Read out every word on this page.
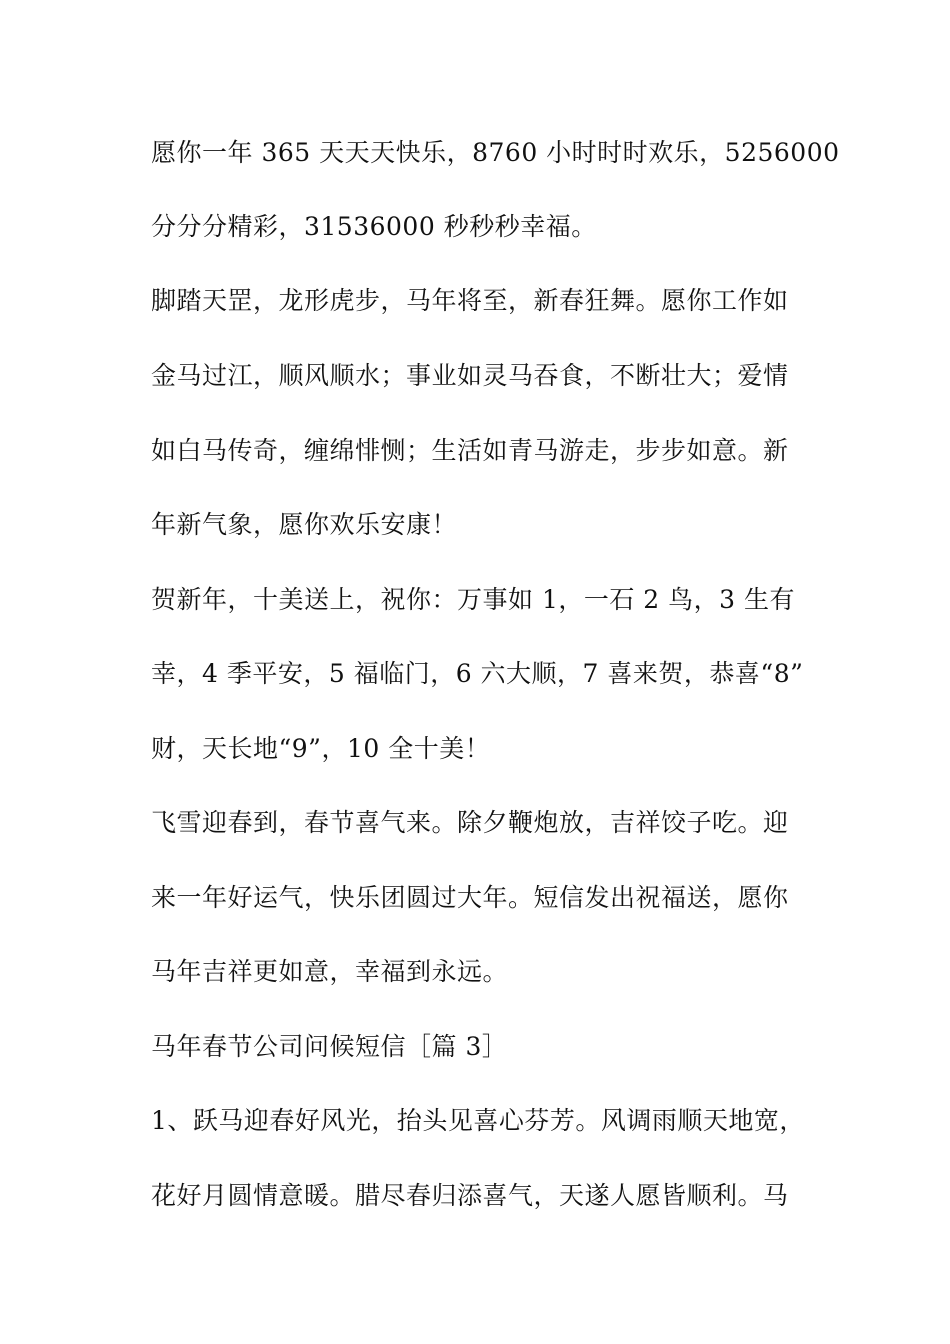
愿你一年 365 天天天快乐，8760 小时时时欢乐，5256000
分分分精彩，31536000 秒秒秒幸福。
脚踏天罡，龙形虎步，马年将至，新春狂舞。愿你工作如
金马过江，顺风顺水；事业如灵马吞食，不断壮大；爱情
如白马传奇，缠绵悱恻；生活如青马游走，步步如意。新
年新气象，愿你欢乐安康！
贺新年，十美送上，祝你：万事如 1，一石 2 鸟，3 生有
幸，4 季平安，5 福临门，6 六大顺，7 喜来贺，恭喜“8”
财，天长地“9”，10 全十美！
飞雪迎春到，春节喜气来。除夕鞭炮放，吉祥饺子吃。迎
来一年好运气，快乐团圆过大年。短信发出祝福送，愿你
马年吉祥更如意，幸福到永远。
马年春节公司问候短信［篇 3］
1、跃马迎春好风光，抬头见喜心芬芳。风调雨顺天地宽，
花好月圆情意暖。腊尽春归添喜气，天遂人愿皆顺利。马
